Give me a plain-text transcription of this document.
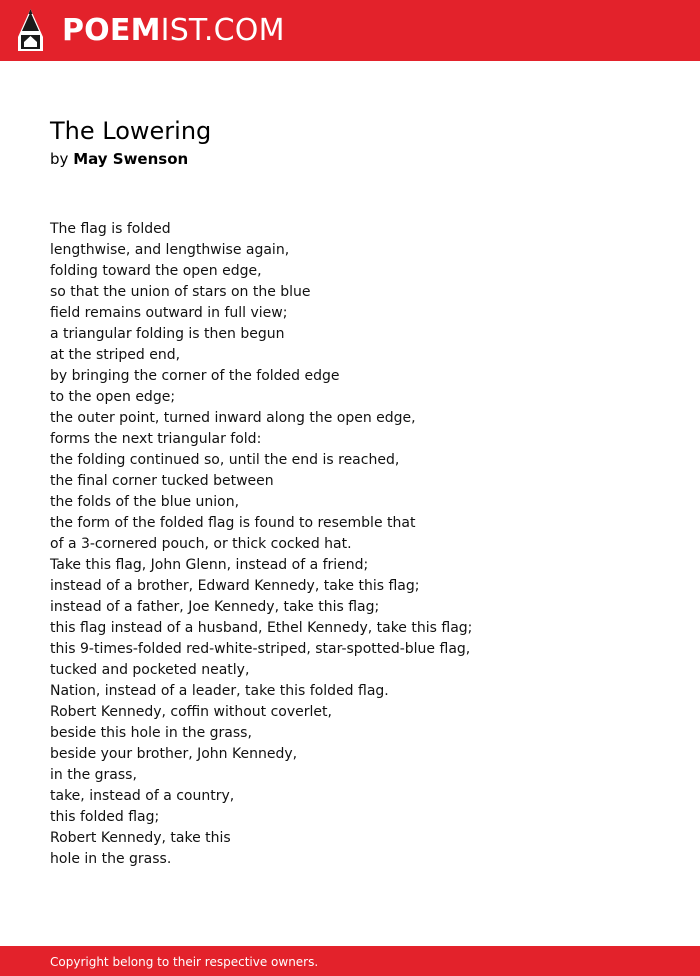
POEMIST.COM
The Lowering
by May Swenson
The flag is folded
lengthwise, and lengthwise again,
folding toward the open edge,
so that the union of stars on the blue
field remains outward in full view;
a triangular folding is then begun
at the striped end,
by bringing the corner of the folded edge
to the open edge;
the outer point, turned inward along the open edge,
forms the next triangular fold:
the folding continued so, until the end is reached,
the final corner tucked between
the folds of the blue union,
the form of the folded flag is found to resemble that
of a 3-cornered pouch, or thick cocked hat.
Take this flag, John Glenn, instead of a friend;
instead of a brother, Edward Kennedy, take this flag;
instead of a father, Joe Kennedy, take this flag;
this flag instead of a husband, Ethel Kennedy, take this flag;
this 9-times-folded red-white-striped, star-spotted-blue flag,
tucked and pocketed neatly,
Nation, instead of a leader, take this folded flag.
Robert Kennedy, coffin without coverlet,
beside this hole in the grass,
beside your brother, John Kennedy,
in the grass,
take, instead of a country,
this folded flag;
Robert Kennedy, take this
hole in the grass.
Copyright belong to their respective owners.
